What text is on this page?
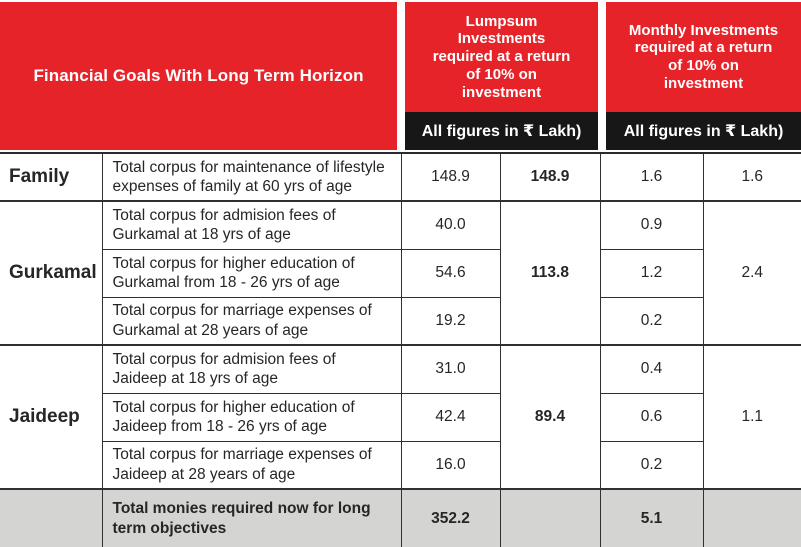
Financial Goals With Long Term Horizon
Lumpsum Investments required at a return of 10% on investment
All figures in ₹ Lakh)
Monthly Investments required at a return of 10% on investment
All figures in ₹ Lakh)
Family	Total corpus for maintenance of lifestyle expenses of family at 60 yrs of age	148.9	148.9	1.6	1.6
Gurkamal	Total corpus for admision fees of Gurkamal at 18 yrs of age	40.0	113.8	0.9	2.4
	Total corpus for higher education of Gurkamal from 18 - 26 yrs of age	54.6		1.2	
	Total corpus for marriage expenses of Gurkamal at 28 years of age	19.2		0.2	
Jaideep	Total corpus for admision fees of Jaideep at 18 yrs of age	31.0	89.4	0.4	1.1
	Total corpus for higher education of Jaideep from 18 - 26 yrs of age	42.4		0.6	
	Total corpus for marriage expenses of Jaideep at 28 years of age	16.0		0.2	
	Total monies required now for long term objectives	352.2		5.1	
